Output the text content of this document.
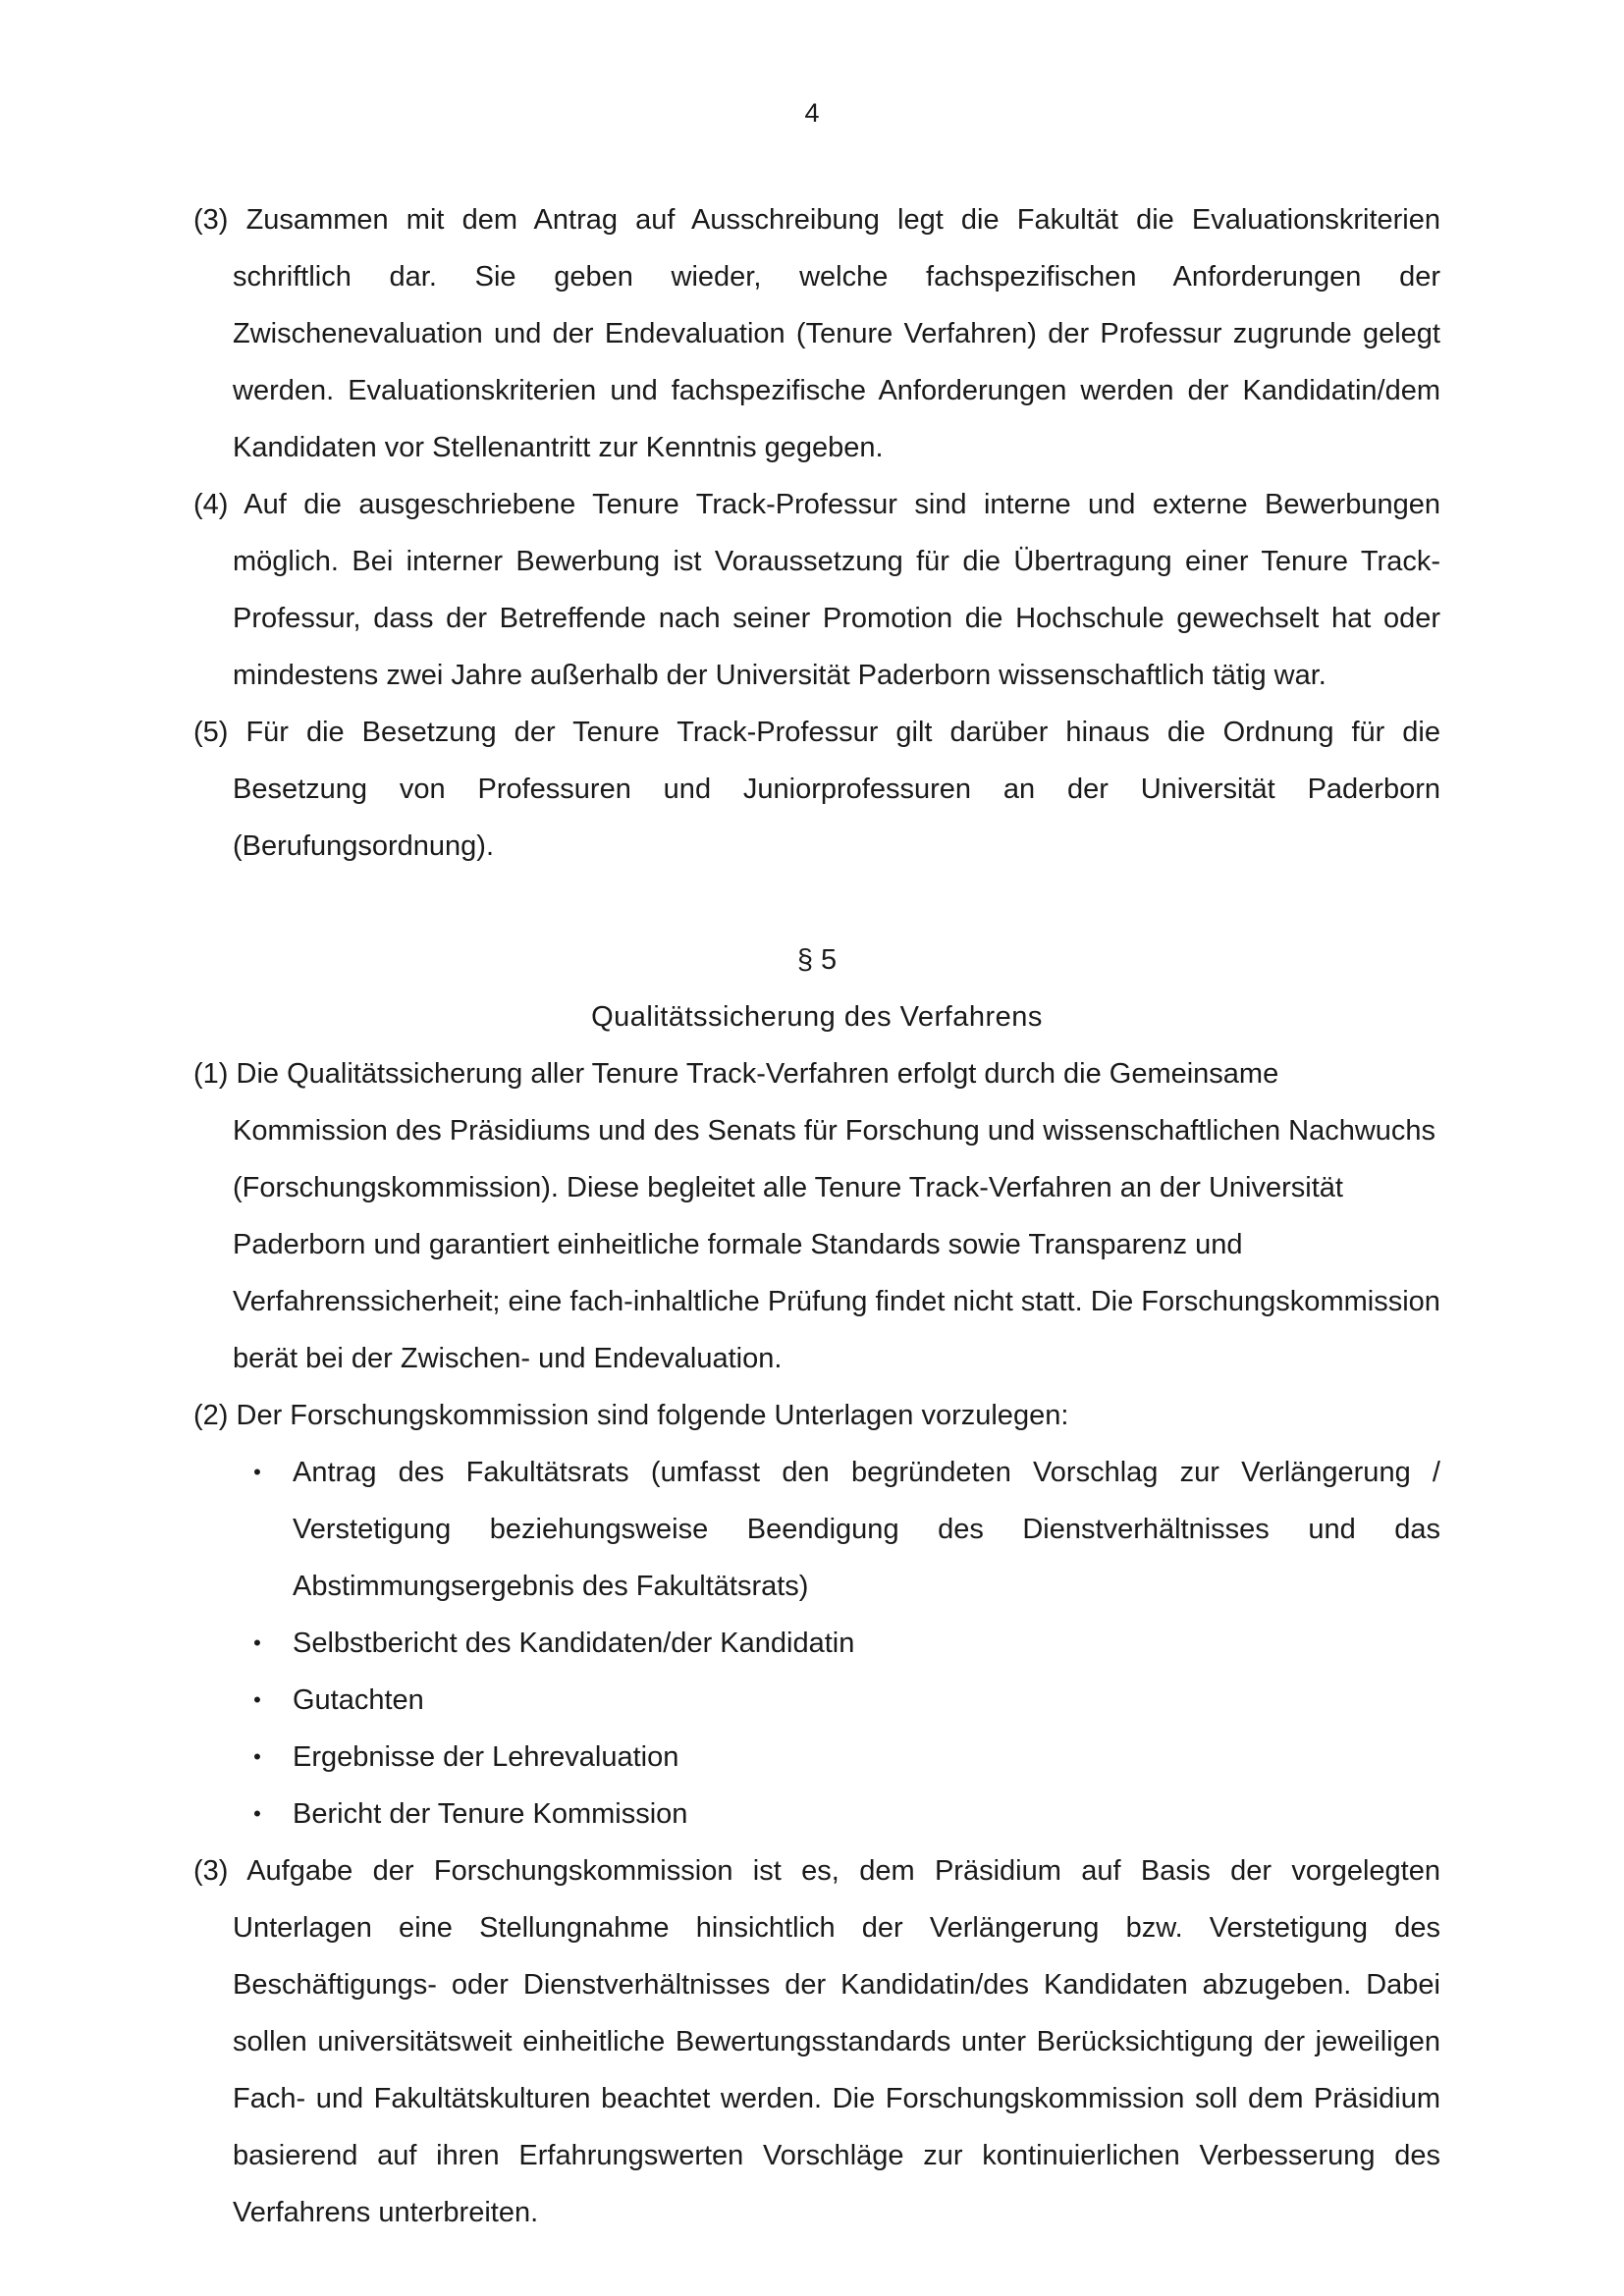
4

(3) Zusammen mit dem Antrag auf Ausschreibung legt die Fakultät die Evaluationskriterien schriftlich dar. Sie geben wieder, welche fachspezifischen Anforderungen der Zwischenevaluation und der Endevaluation (Tenure Verfahren) der Professur zugrunde gelegt werden. Evaluationskriterien und fachspezifische Anforderungen werden der Kandidatin/dem Kandidaten vor Stellenantritt zur Kenntnis gegeben.

(4) Auf die ausgeschriebene Tenure Track-Professur sind interne und externe Bewerbungen möglich. Bei interner Bewerbung ist Voraussetzung für die Übertragung einer Tenure Track-Professur, dass der Betreffende nach seiner Promotion die Hochschule gewechselt hat oder mindestens zwei Jahre außerhalb der Universität Paderborn wissenschaftlich tätig war.

(5) Für die Besetzung der Tenure Track-Professur gilt darüber hinaus die Ordnung für die Besetzung von Professuren und Juniorprofessuren an der Universität Paderborn (Berufungsordnung).

§ 5

Qualitätssicherung des Verfahrens

(1) Die Qualitätssicherung aller Tenure Track-Verfahren erfolgt durch die Gemeinsame Kommission des Präsidiums und des Senats für Forschung und wissenschaftlichen Nachwuchs (Forschungskommission). Diese begleitet alle Tenure Track-Verfahren an der Universität Paderborn und garantiert einheitliche formale Standards sowie Transparenz und Verfahrenssicherheit; eine fach-inhaltliche Prüfung findet nicht statt. Die Forschungskommission berät bei der Zwischen- und Endevaluation.

(2) Der Forschungskommission sind folgende Unterlagen vorzulegen:

• Antrag des Fakultätsrats (umfasst den begründeten Vorschlag zur Verlängerung / Verstetigung beziehungsweise Beendigung des Dienstverhältnisses und das Abstimmungsergebnis des Fakultätsrats)
• Selbstbericht des Kandidaten/der Kandidatin
• Gutachten
• Ergebnisse der Lehrevaluation
• Bericht der Tenure Kommission

(3) Aufgabe der Forschungskommission ist es, dem Präsidium auf Basis der vorgelegten Unterlagen eine Stellungnahme hinsichtlich der Verlängerung bzw. Verstetigung des Beschäftigungs- oder Dienstverhältnisses der Kandidatin/des Kandidaten abzugeben. Dabei sollen universitätsweit einheitliche Bewertungsstandards unter Berücksichtigung der jeweiligen Fach- und Fakultätskulturen beachtet werden. Die Forschungskommission soll dem Präsidium basierend auf ihren Erfahrungswerten Vorschläge zur kontinuierlichen Verbesserung des Verfahrens unterbreiten.
